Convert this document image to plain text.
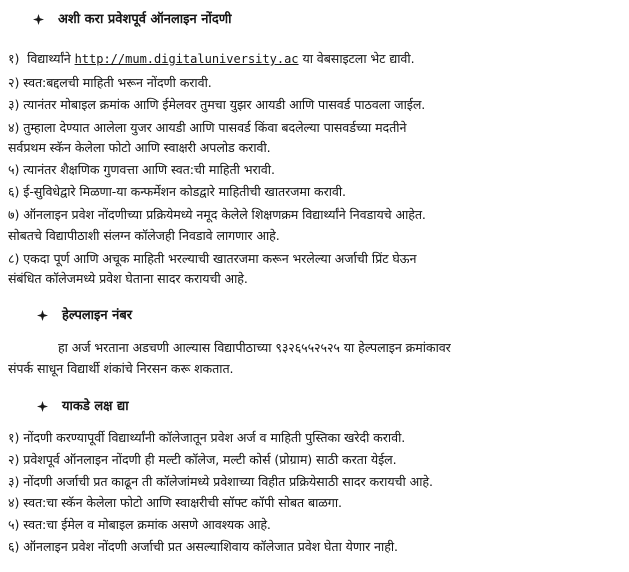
अशी करा प्रवेशपूर्व ऑनलाइन नोंदणी
१) विद्यार्थ्यांने http://mum.digitaluniversity.ac या वेबसाइटला भेट द्यावी.
२) स्वत:बद्दलची माहिती भरून नोंदणी करावी.
३) त्यानंतर मोबाइल क्रमांक आणि ईमेलवर तुमचा युझर आयडी आणि पासवर्ड पाठवला जाईल.
४) तुम्हाला देण्यात आलेला युजर आयडी आणि पासवर्ड किंवा बदलेल्या पासवर्डच्या मदतीने
सर्वप्रथम स्कॅन केलेला फोटो आणि स्वाक्षरी अपलोड करावी.
५) त्यानंतर शैक्षणिक गुणवत्ता आणि स्वत:ची माहिती भरावी.
६) ई-सुविधेद्वारे मिळणा-या कन्फर्मेशन कोडद्वारे माहितीची खातरजमा करावी.
७) ऑनलाइन प्रवेश नोंदणीच्या प्रक्रियेमध्ये नमूद केलेले शिक्षणक्रम विद्यार्थ्यांने निवडायचे आहेत.
सोबतचे विद्यापीठाशी संलग्न कॉलेजही निवडावे लागणार आहे.
८) एकदा पूर्ण आणि अचूक माहिती भरल्याची खातरजमा करून भरलेल्या अर्जाची प्रिंट घेऊन
संबंधित कॉलेजमध्ये प्रवेश घेताना सादर करायची आहे.
हेल्पलाइन नंबर
हा अर्ज भरताना अडचणी आल्यास विद्यापीठाच्या ९३२६५५२५२५ या हेल्पलाइन क्रमांकावर
संपर्क साधून विद्यार्थी शंकांचे निरसन करू शकतात.
याकडे लक्ष द्या
१) नोंदणी करण्यापूर्वी विद्यार्थ्यांनी कॉलेजातून प्रवेश अर्ज व माहिती पुस्तिका खरेदी करावी.
२) प्रवेशपूर्व ऑनलाइन नोंदणी ही मल्टी कॉलेज, मल्टी कोर्स (प्रोग्राम) साठी करता येईल.
३) नोंदणी अर्जाची प्रत काढून ती कॉलेजांमध्ये प्रवेशाच्या विहीत प्रक्रियेसाठी सादर करायची आहे.
४) स्वत:चा स्कॅन केलेला फोटो आणि स्वाक्षरीची सॉफ्ट कॉपी सोबत बाळगा.
५) स्वत:चा ईमेल व मोबाइल क्रमांक असणे आवश्यक आहे.
६) ऑनलाइन प्रवेश नोंदणी अर्जाची प्रत असल्याशिवाय कॉलेजात प्रवेश घेता येणार नाही.
